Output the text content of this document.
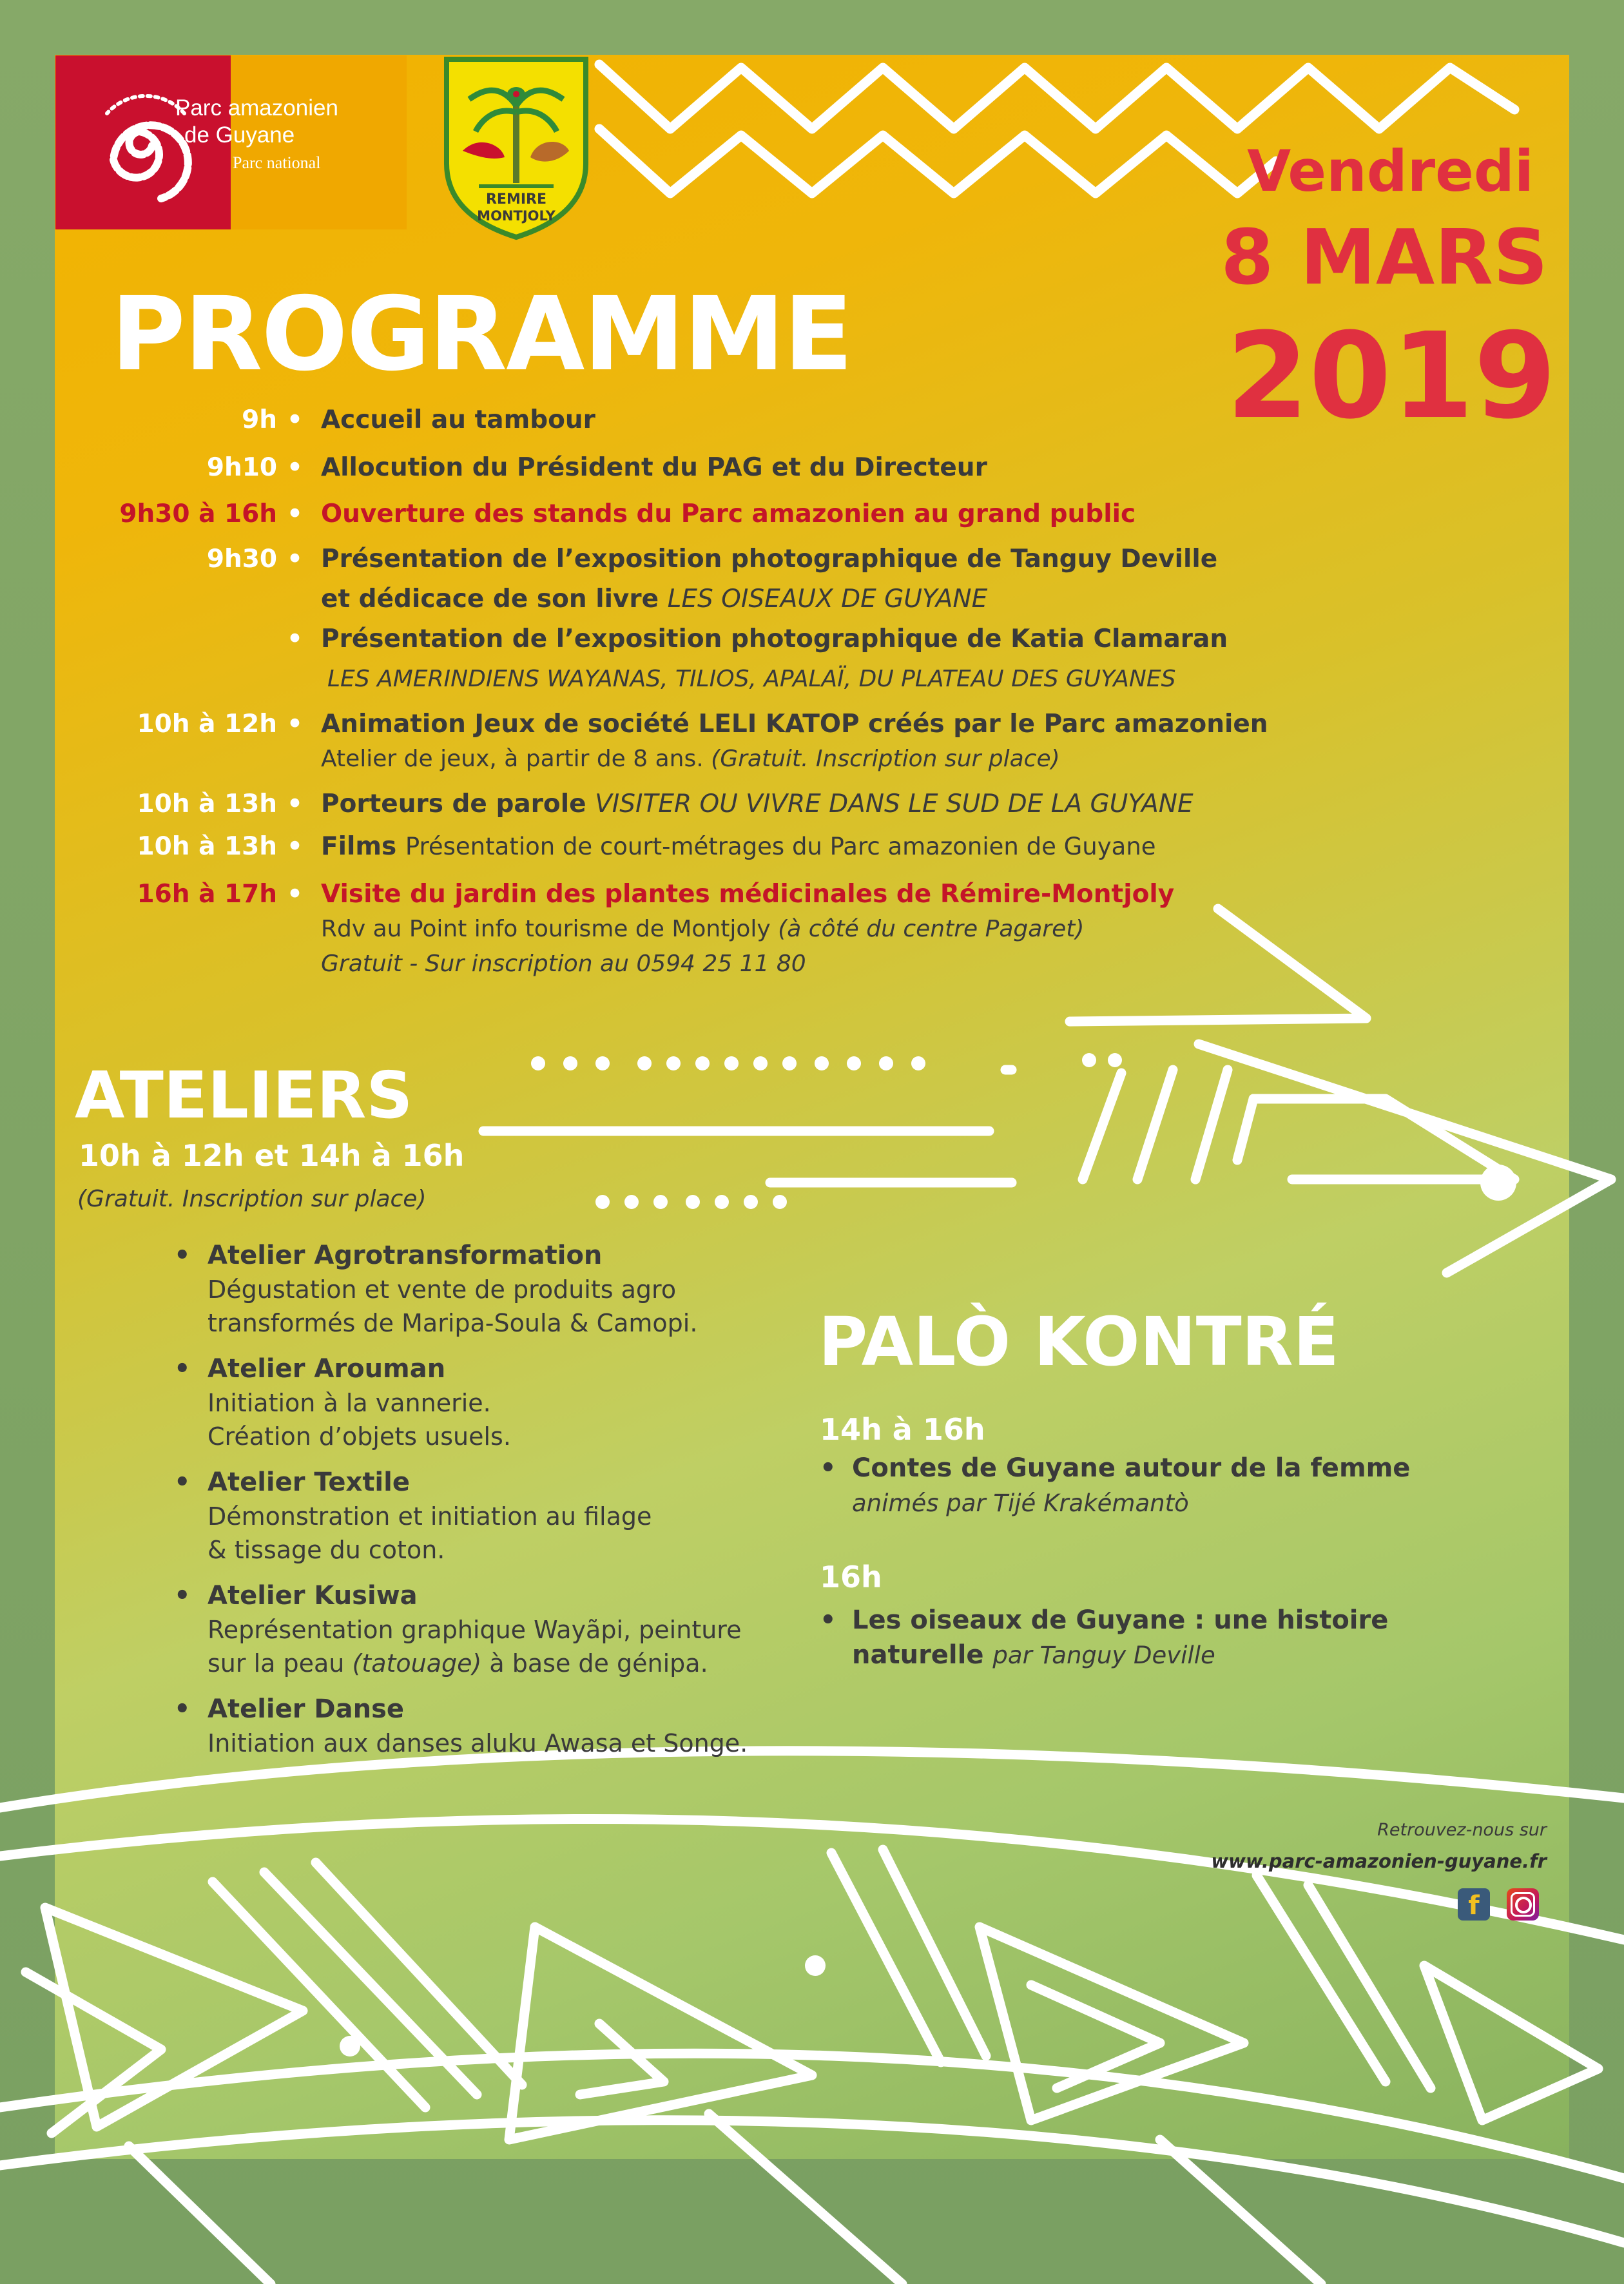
Parc amazonien
de Guyane
Parc national
REMIRE
MONTJOLY
Vendredi
8 MARS
2019
PROGRAMME
9h • Accueil au tambour
9h10 • Allocution du Président du PAG et du Directeur
9h30 à 16h • Ouverture des stands du Parc amazonien au grand public
9h30 • Présentation de l’exposition photographique de Tanguy Deville
et dédicace de son livre LES OISEAUX DE GUYANE
• Présentation de l’exposition photographique de Katia Clamaran
LES AMERINDIENS WAYANAS, TILIOS, APALAÏ, DU PLATEAU DES GUYANES
10h à 12h • Animation Jeux de société LELI KATOP créés par le Parc amazonien
Atelier de jeux, à partir de 8 ans. (Gratuit. Inscription sur place)
10h à 13h • Porteurs de parole VISITER OU VIVRE DANS LE SUD DE LA GUYANE
10h à 13h • Films Présentation de court-métrages du Parc amazonien de Guyane
16h à 17h • Visite du jardin des plantes médicinales de Rémire-Montjoly
Rdv au Point info tourisme de Montjoly (à côté du centre Pagaret)
Gratuit - Sur inscription au 0594 25 11 80
ATELIERS
10h à 12h et 14h à 16h
(Gratuit. Inscription sur place)
• Atelier Agrotransformation
Dégustation et vente de produits agro
transformés de Maripa-Soula & Camopi.
• Atelier Arouman
Initiation à la vannerie.
Création d’objets usuels.
• Atelier Textile
Démonstration et initiation au filage
& tissage du coton.
• Atelier Kusiwa
Représentation graphique Wayãpi, peinture
sur la peau (tatouage) à base de génipa.
• Atelier Danse
Initiation aux danses aluku Awasa et Songe.
PALÒ KONTRÉ
14h à 16h
• Contes de Guyane autour de la femme
animés par Tijé Krakémantò
16h
• Les oiseaux de Guyane : une histoire
naturelle par Tanguy Deville
Retrouvez-nous sur
www.parc-amazonien-guyane.fr
f
